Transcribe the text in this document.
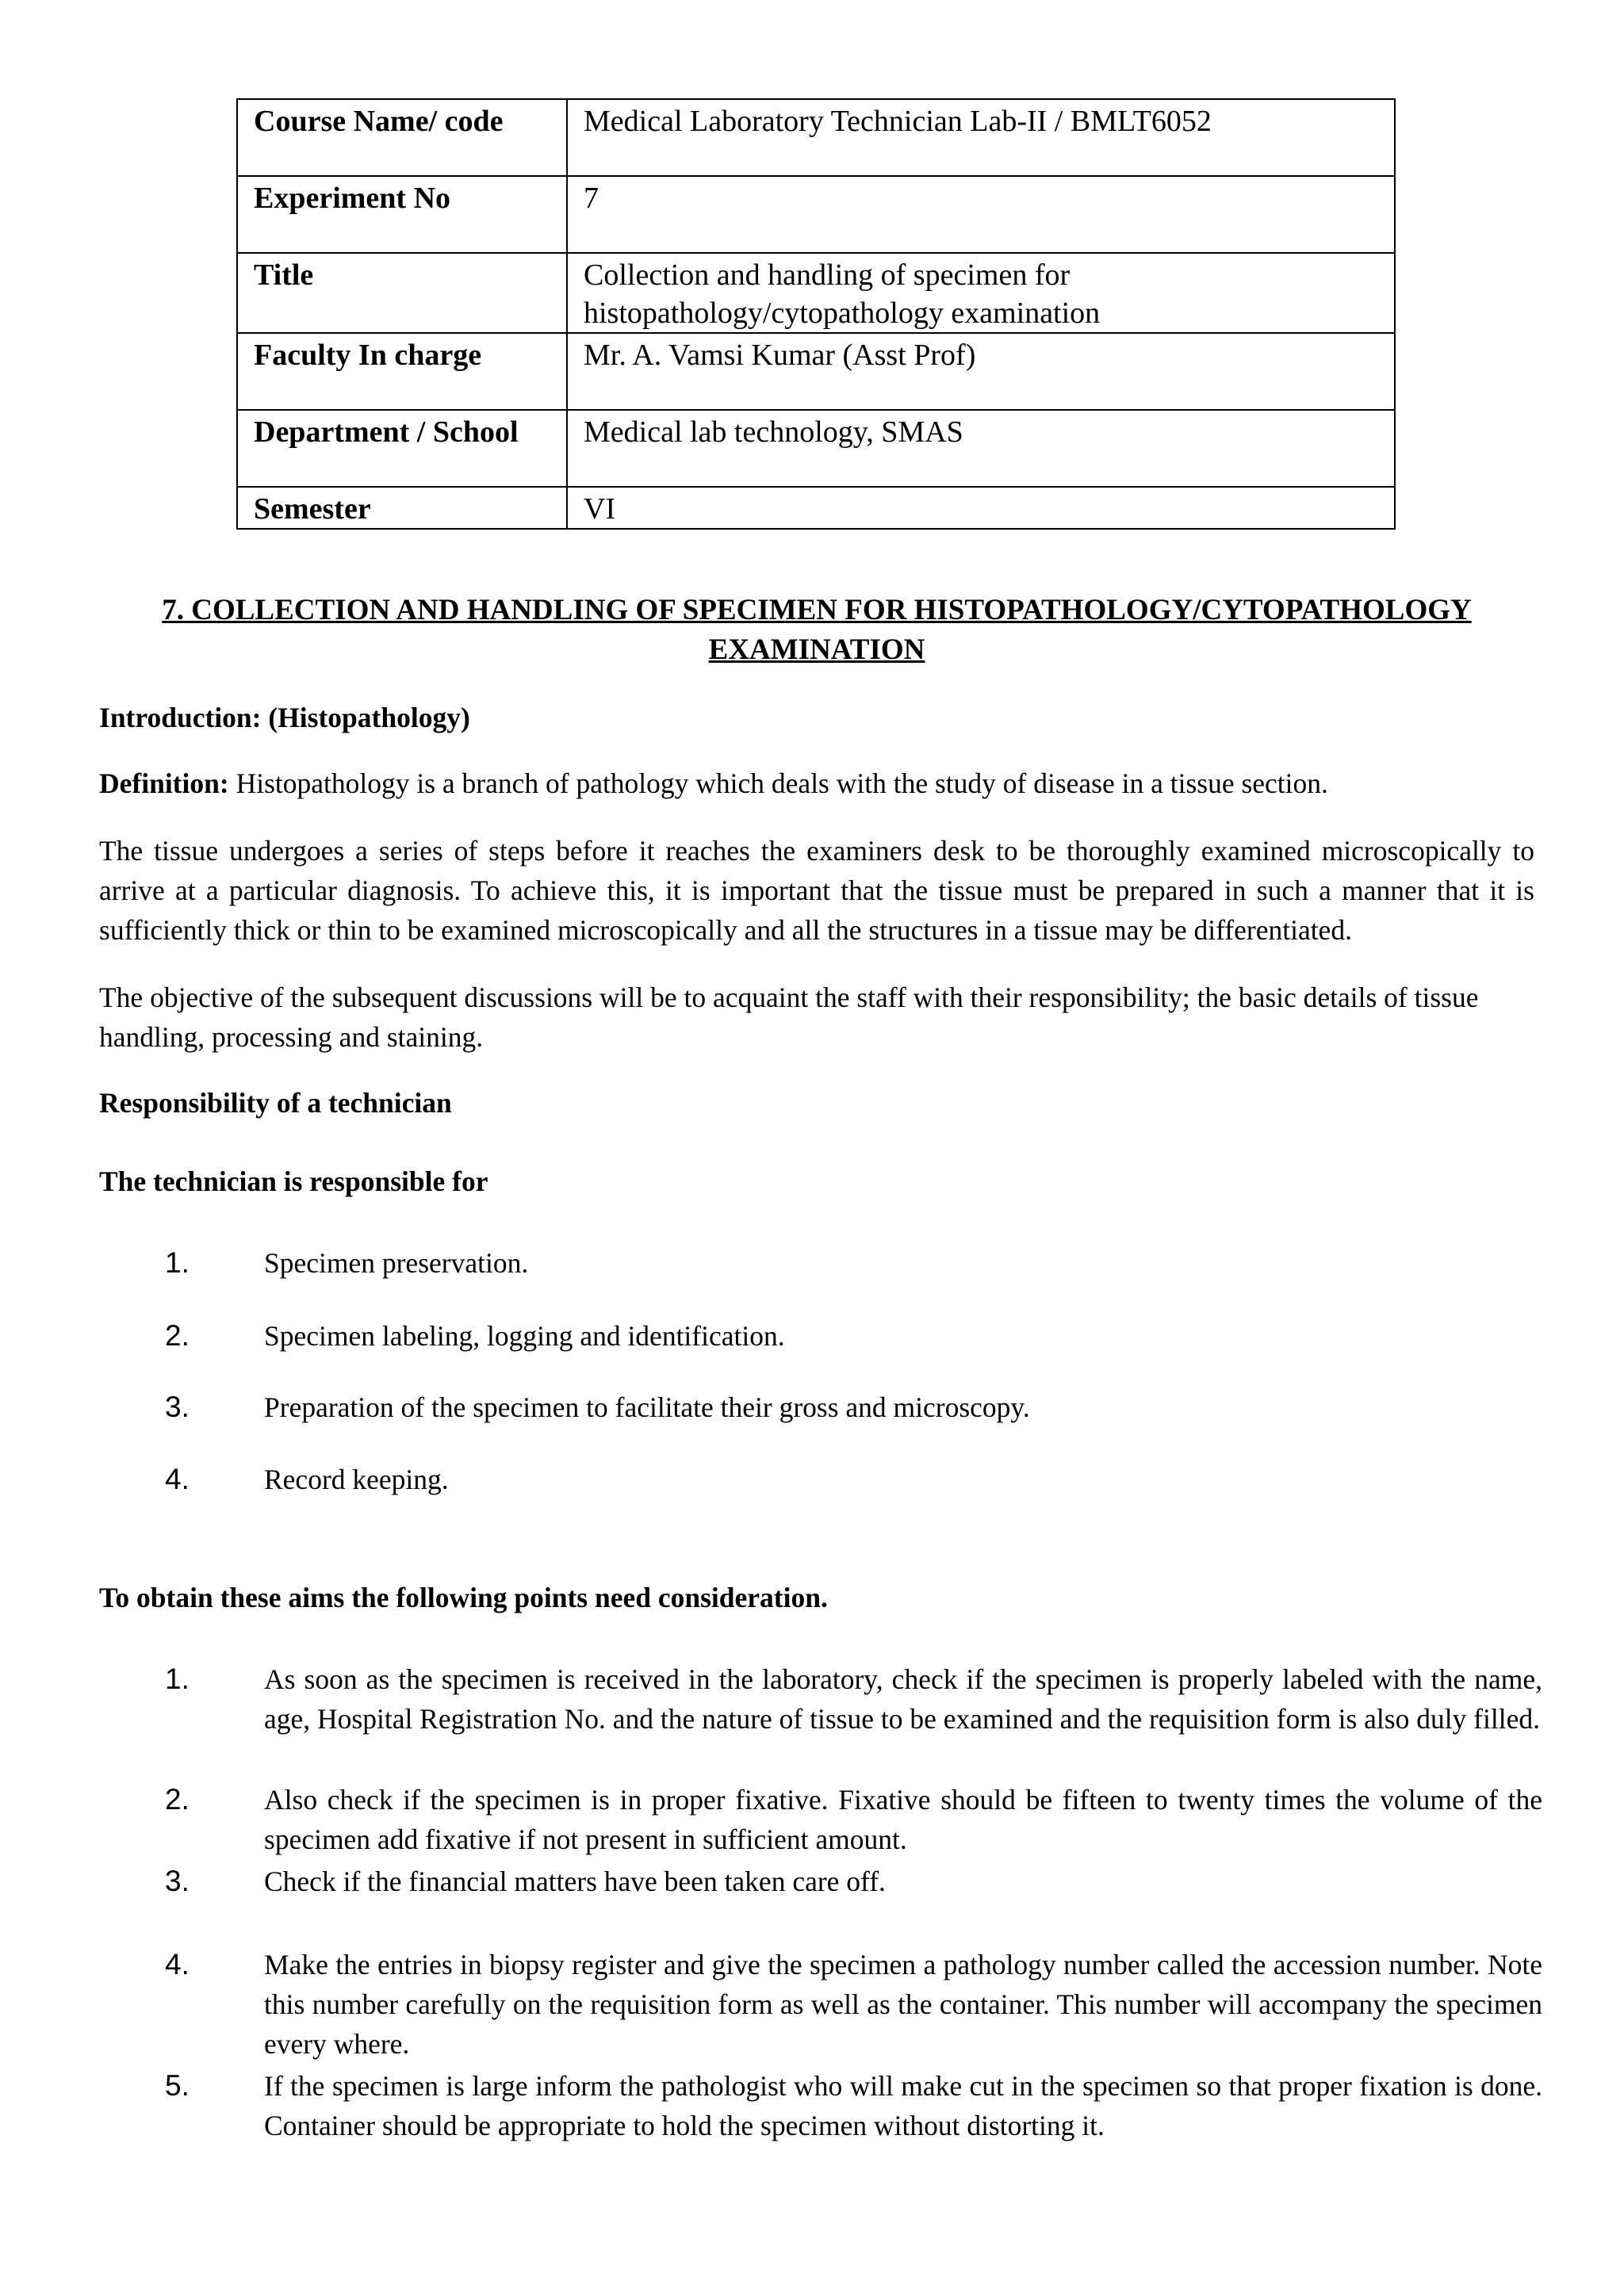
Course Name/ code	Medical Laboratory Technician Lab-II / BMLT6052
Experiment No	7
Title	Collection and handling of specimen for histopathology/cytopathology examination
Faculty In charge	Mr. A. Vamsi Kumar (Asst Prof)
Department / School	Medical lab technology, SMAS
Semester	VI
7. COLLECTION AND HANDLING OF SPECIMEN FOR HISTOPATHOLOGY/CYTOPATHOLOGY EXAMINATION
Introduction: (Histopathology)
Definition: Histopathology is a branch of pathology which deals with the study of disease in a tissue section.
The tissue undergoes a series of steps before it reaches the examiners desk to be thoroughly examined microscopically to arrive at a particular diagnosis. To achieve this, it is important that the tissue must be prepared in such a manner that it is sufficiently thick or thin to be examined microscopically and all the structures in a tissue may be differentiated.
The objective of the subsequent discussions will be to acquaint the staff with their responsibility; the basic details of tissue handling, processing and staining.
Responsibility of a technician
The technician is responsible for
1.	Specimen preservation.
2.	Specimen labeling, logging and identification.
3.	Preparation of the specimen to facilitate their gross and microscopy.
4.	Record keeping.
To obtain these aims the following points need consideration.
1.	As soon as the specimen is received in the laboratory, check if the specimen is properly labeled with the name, age, Hospital Registration No. and the nature of tissue to be examined and the requisition form is also duly filled.
2.	Also check if the specimen is in proper fixative. Fixative should be fifteen to twenty times the volume of the specimen add fixative if not present in sufficient amount.
3.	Check if the financial matters have been taken care off.
4.	Make the entries in biopsy register and give the specimen a pathology number called the accession number. Note this number carefully on the requisition form as well as the container. This number will accompany the specimen every where.
5.	If the specimen is large inform the pathologist who will make cut in the specimen so that proper fixation is done. Container should be appropriate to hold the specimen without distorting it.
